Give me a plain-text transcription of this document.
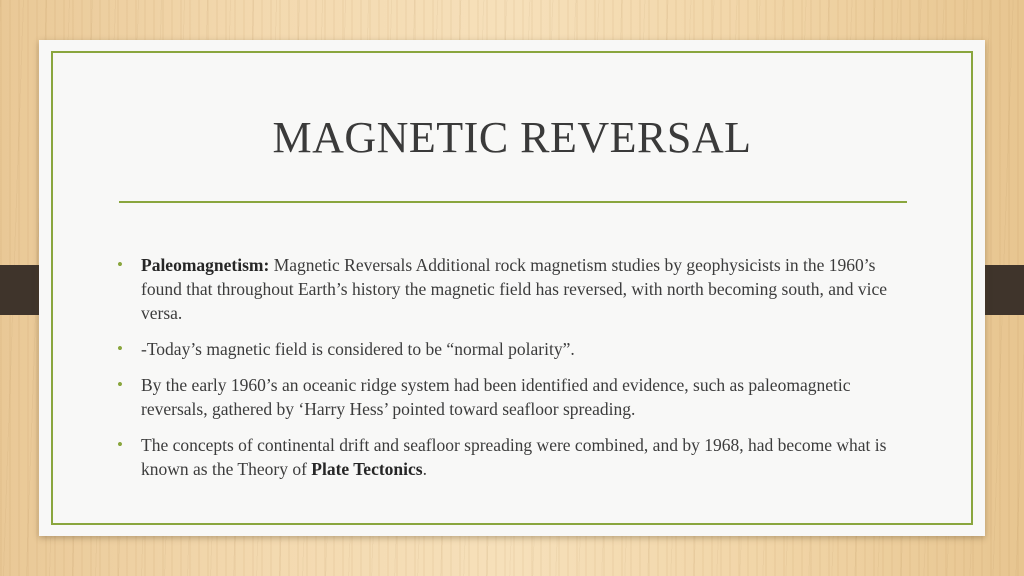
MAGNETIC REVERSAL
• Paleomagnetism: Magnetic Reversals Additional rock magnetism studies by geophysicists in the 1960’s found that throughout Earth’s history the magnetic field has reversed, with north becoming south, and vice versa.
• -Today’s magnetic field is considered to be “normal polarity”.
• By the early 1960’s an oceanic ridge system had been identified and evidence, such as paleomagnetic reversals, gathered by ‘Harry Hess’ pointed toward seafloor spreading.
• The concepts of continental drift and seafloor spreading were combined, and by 1968, had become what is known as the Theory of Plate Tectonics.
